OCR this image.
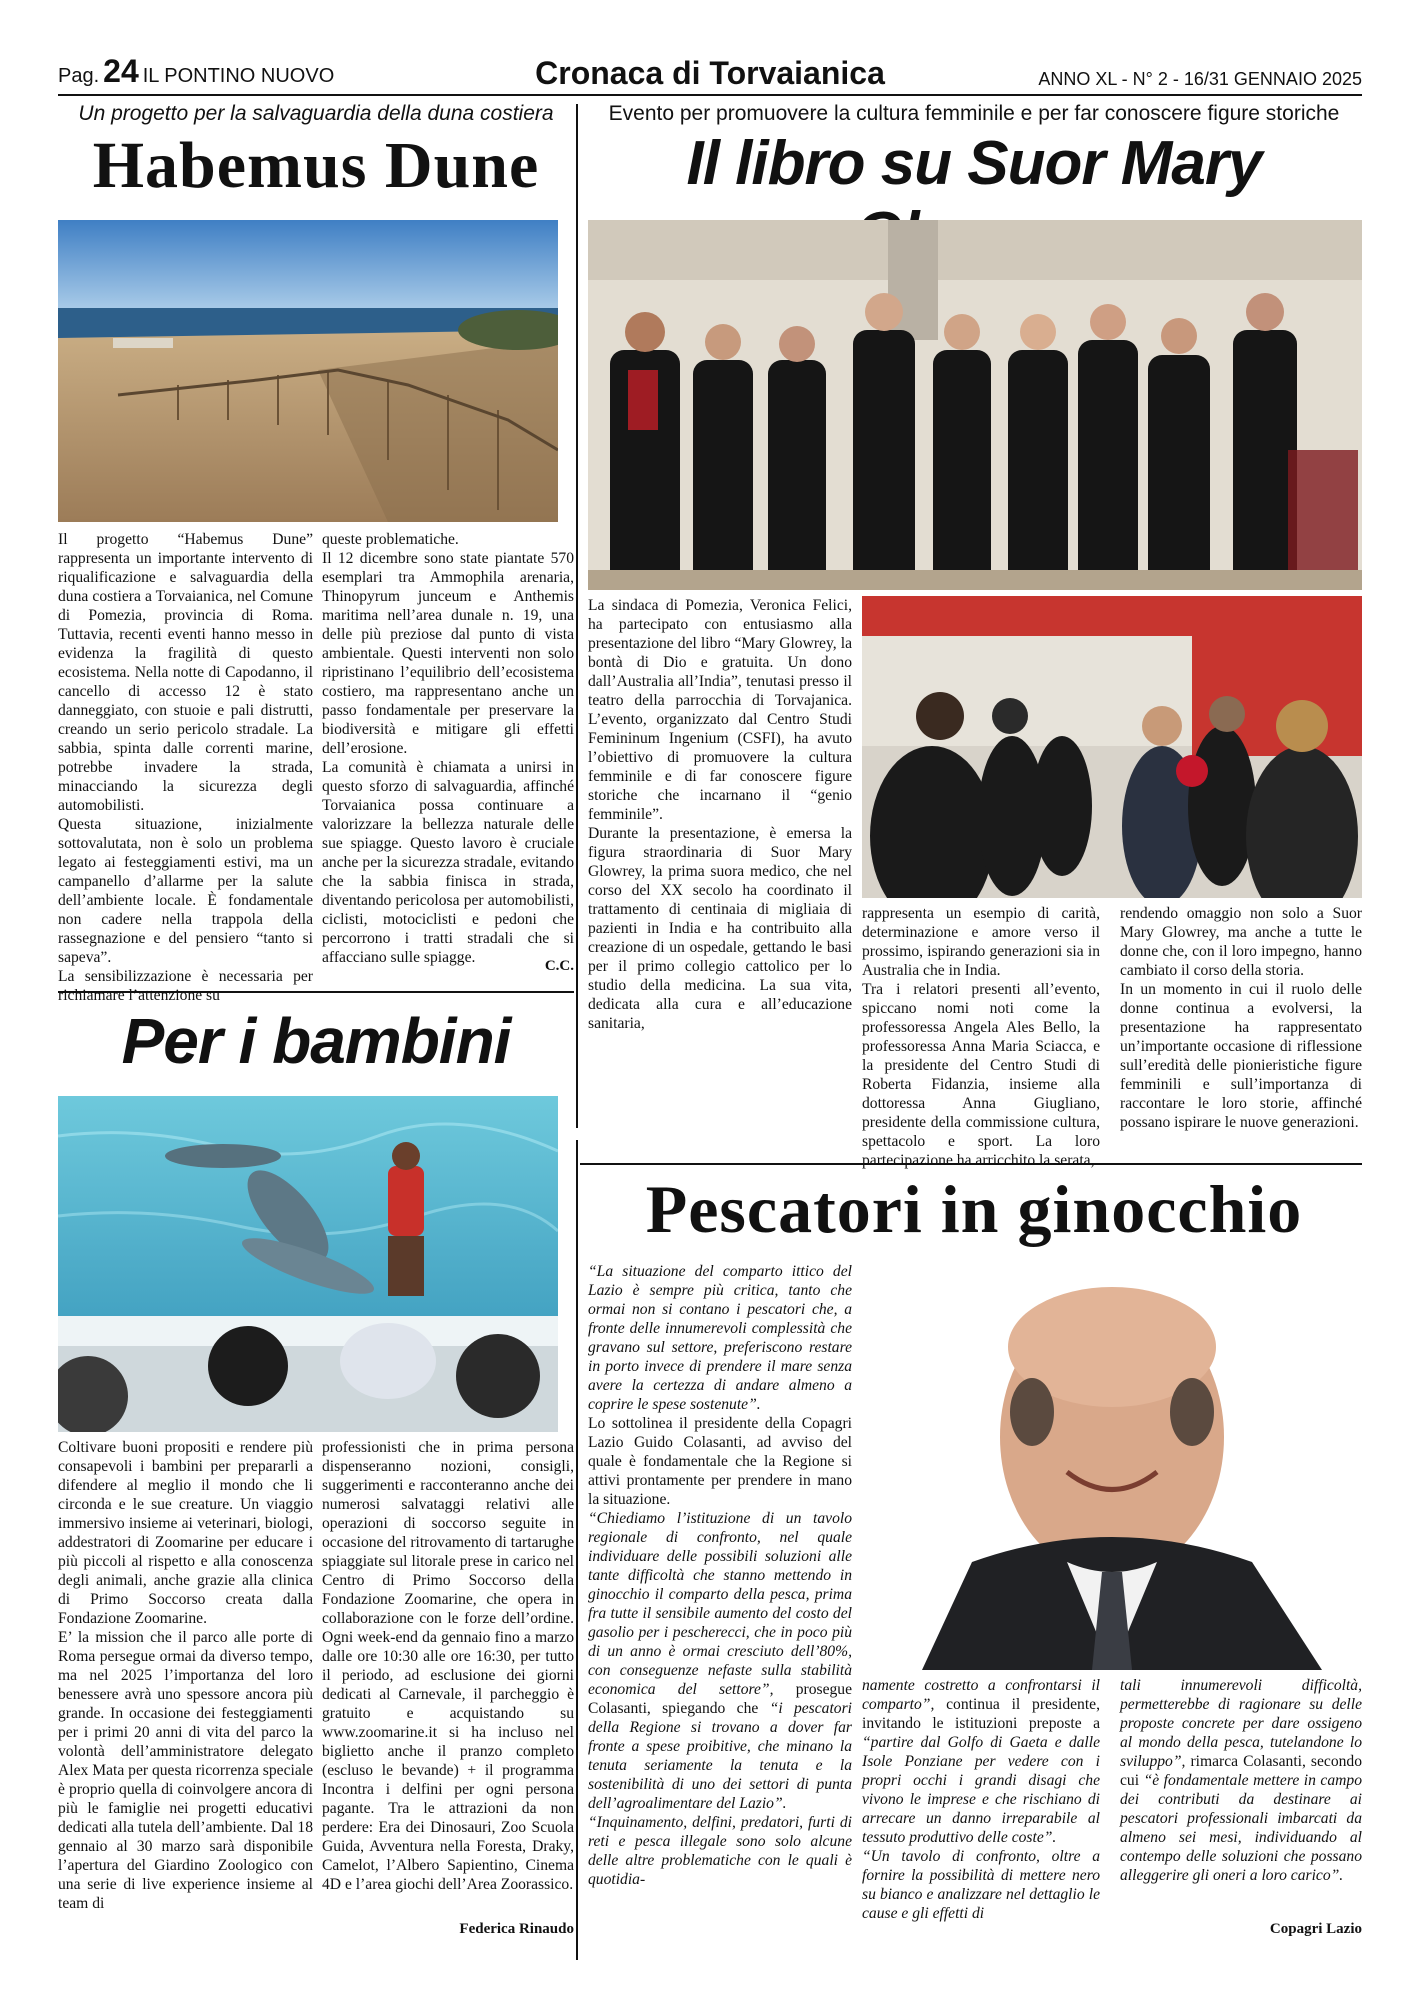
Pag. 24 IL PONTINO NUOVO	Cronaca di Torvaianica	ANNO XL - N° 2 - 16/31 GENNAIO 2025
Un progetto per la salvaguardia della duna costiera
Habemus Dune

Il progetto “Habemus Dune” rappresenta un importante intervento di riqualificazione e salvaguardia della duna costiera a Torvaianica, nel Comune di Pomezia, provincia di Roma. Tuttavia, recenti eventi hanno messo in evidenza la fragilità di questo ecosistema. Nella notte di Capodanno, il cancello di accesso 12 è stato danneggiato, con stuoie e pali distrutti, creando un serio pericolo stradale. La sabbia, spinta dalle correnti marine, potrebbe invadere la strada, minacciando la sicurezza degli automobilisti.

Questa situazione, inizialmente sottovalutata, non è solo un problema legato ai festeggiamenti estivi, ma un campanello d’allarme per la salute dell’ambiente locale. È fondamentale non cadere nella trappola della rassegnazione e del pensiero “tanto si sapeva”.

La sensibilizzazione è necessaria per richiamare l’attenzione su

queste problematiche.

Il 12 dicembre sono state piantate 570 esemplari tra Ammophila arenaria, Thinopyrum junceum e Anthemis maritima nell’area dunale n. 19, una delle più preziose dal punto di vista ambientale. Questi interventi non solo ripristinano l’equilibrio dell’ecosistema costiero, ma rappresentano anche un passo fondamentale per preservare la biodiversità e mitigare gli effetti dell’erosione.

La comunità è chiamata a unirsi in questo sforzo di salvaguardia, affinché Torvaianica possa continuare a valorizzare la bellezza naturale delle sue spiagge. Questo lavoro è cruciale anche per la sicurezza stradale, evitando che la sabbia finisca in strada, diventando pericolosa per automobilisti, ciclisti, motociclisti e pedoni che percorrono i tratti stradali che si affacciano sulle spiagge.	C.C.
Per i bambini

Coltivare buoni propositi e rendere più consapevoli i bambini per prepararli a difendere al meglio il mondo che li circonda e le sue creature. Un viaggio immersivo insieme ai veterinari, biologi, addestratori di Zoomarine per educare i più piccoli al rispetto e alla conoscenza degli animali, anche grazie alla clinica di Primo Soccorso creata dalla Fondazione Zoomarine.

E’ la mission che il parco alle porte di Roma persegue ormai da diverso tempo, ma nel 2025 l’importanza del loro benessere avrà uno spessore ancora più grande. In occasione dei festeggiamenti per i primi 20 anni di vita del parco la volontà dell’amministratore delegato Alex Mata per questa ricorrenza speciale è proprio quella di coinvolgere ancora di più le famiglie nei progetti educativi dedicati alla tutela dell’ambiente. Dal 18 gennaio al 30 marzo sarà disponibile l’apertura del Giardino Zoologico con una serie di live experience insieme al team di

professionisti che in prima persona dispenseranno nozioni, consigli, suggerimenti e racconteranno anche dei numerosi salvataggi relativi alle operazioni di soccorso seguite in occasione del ritrovamento di tartarughe spiaggiate sul litorale prese in carico nel Centro di Primo Soccorso della Fondazione Zoomarine, che opera in collaborazione con le forze dell’ordine. Ogni week-end da gennaio fino a marzo dalle ore 10:30 alle ore 16:30, per tutto il periodo, ad esclusione dei giorni dedicati al Carnevale, il parcheggio è gratuito e acquistando su www.zoomarine.it si ha incluso nel biglietto anche il pranzo completo (escluso le bevande) + il programma Incontra i delfini per ogni persona pagante. Tra le attrazioni da non perdere: Era dei Dinosauri, Zoo Scuola Guida, Avventura nella Foresta, Draky, Camelot, l’Albero Sapientino, Cinema 4D e l’area giochi dell’Area Zoorassico.

Federica Rinaudo
Evento per promuovere la cultura femminile e per far conoscere figure storiche
Il libro su Suor Mary

La sindaca di Pomezia, Veronica Felici, ha partecipato con entusiasmo alla presentazione del libro “Mary Glowrey, la bontà di Dio e gratuita. Un dono dall’Australia all’India”, tenutasi presso il teatro della parrocchia di Torvajanica. L’evento, organizzato dal Centro Studi Femininum Ingenium (CSFI), ha avuto l’obiettivo di promuovere la cultura femminile e di far conoscere figure storiche che incarnano il “genio femminile”.

Durante la presentazione, è emersa la figura straordinaria di Suor Mary Glowrey, la prima suora medico, che nel corso del XX secolo ha coordinato il trattamento di centinaia di migliaia di pazienti in India e ha contribuito alla creazione di un ospedale, gettando le basi per il primo collegio cattolico per lo studio della medicina. La sua vita, dedicata alla cura e all’educazione sanitaria,

rappresenta un esempio di carità, determinazione e amore verso il prossimo, ispirando generazioni sia in Australia che in India.

Tra i relatori presenti all’evento, spiccano nomi noti come la professoressa Angela Ales Bello, la professoressa Anna Maria Sciacca, e la presidente del Centro Studi di Roberta Fidanzia, insieme alla dottoressa Anna Giugliano, presidente della commissione cultura, spettacolo e sport. La loro partecipazione ha arricchito la serata,

rendendo omaggio non solo a Suor Mary Glowrey, ma anche a tutte le donne che, con il loro impegno, hanno cambiato il corso della storia.

In un momento in cui il ruolo delle donne continua a evolversi, la presentazione ha rappresentato un’importante occasione di riflessione sull’eredità delle pionieristiche figure femminili e sull’importanza di raccontare le loro storie, affinché possano ispirare le nuove generazioni.

Pescatori in ginocchio

“La situazione del comparto ittico del Lazio è sempre più critica, tanto che ormai non si contano i pescatori che, a fronte delle innumerevoli complessità che gravano sul settore, preferiscono restare in porto invece di prendere il mare senza avere la certezza di andare almeno a coprire le spese sostenute”.

Lo sottolinea il presidente della Copagri Lazio Guido Colasanti, ad avviso del quale è fondamentale che la Regione si attivi prontamente per prendere in mano la situazione.

“Chiediamo l’istituzione di un tavolo regionale di confronto, nel quale individuare delle possibili soluzioni alle tante difficoltà che stanno mettendo in ginocchio il comparto della pesca, prima fra tutte il sensibile aumento del costo del gasolio per i pescherecci, che in poco più di un anno è ormai cresciuto dell’80%, con conseguenze nefaste sulla stabilità economica del settore”, prosegue Colasanti, spiegando che “i pescatori della Regione si trovano a dover far fronte a spese proibitive, che minano la tenuta seriamente la tenuta e la sostenibilità di uno dei settori di punta dell’agroalimentare del Lazio”.

“Inquinamento, delfini, predatori, furti di reti e pesca illegale sono solo alcune delle altre problematiche con le quali è quotidia-

namente costretto a confrontarsi il comparto”, continua il presidente, invitando le istituzioni preposte a “partire dal Golfo di Gaeta e dalle Isole Ponziane per vedere con i propri occhi i grandi disagi che vivono le imprese e che rischiano di arrecare un danno irreparabile al tessuto produttivo delle coste”.

“Un tavolo di confronto, oltre a fornire la possibilità di mettere nero su bianco e analizzare nel dettaglio le cause e gli effetti di

tali innumerevoli difficoltà, permetterebbe di ragionare su delle proposte concrete per dare ossigeno al mondo della pesca, tutelandone lo sviluppo”, rimarca Colasanti, secondo cui “è fondamentale mettere in campo dei contributi da destinare ai pescatori professionali imbarcati da almeno sei mesi, individuando al contempo delle soluzioni che possano alleggerire gli oneri a loro carico”.

Copagri Lazio
